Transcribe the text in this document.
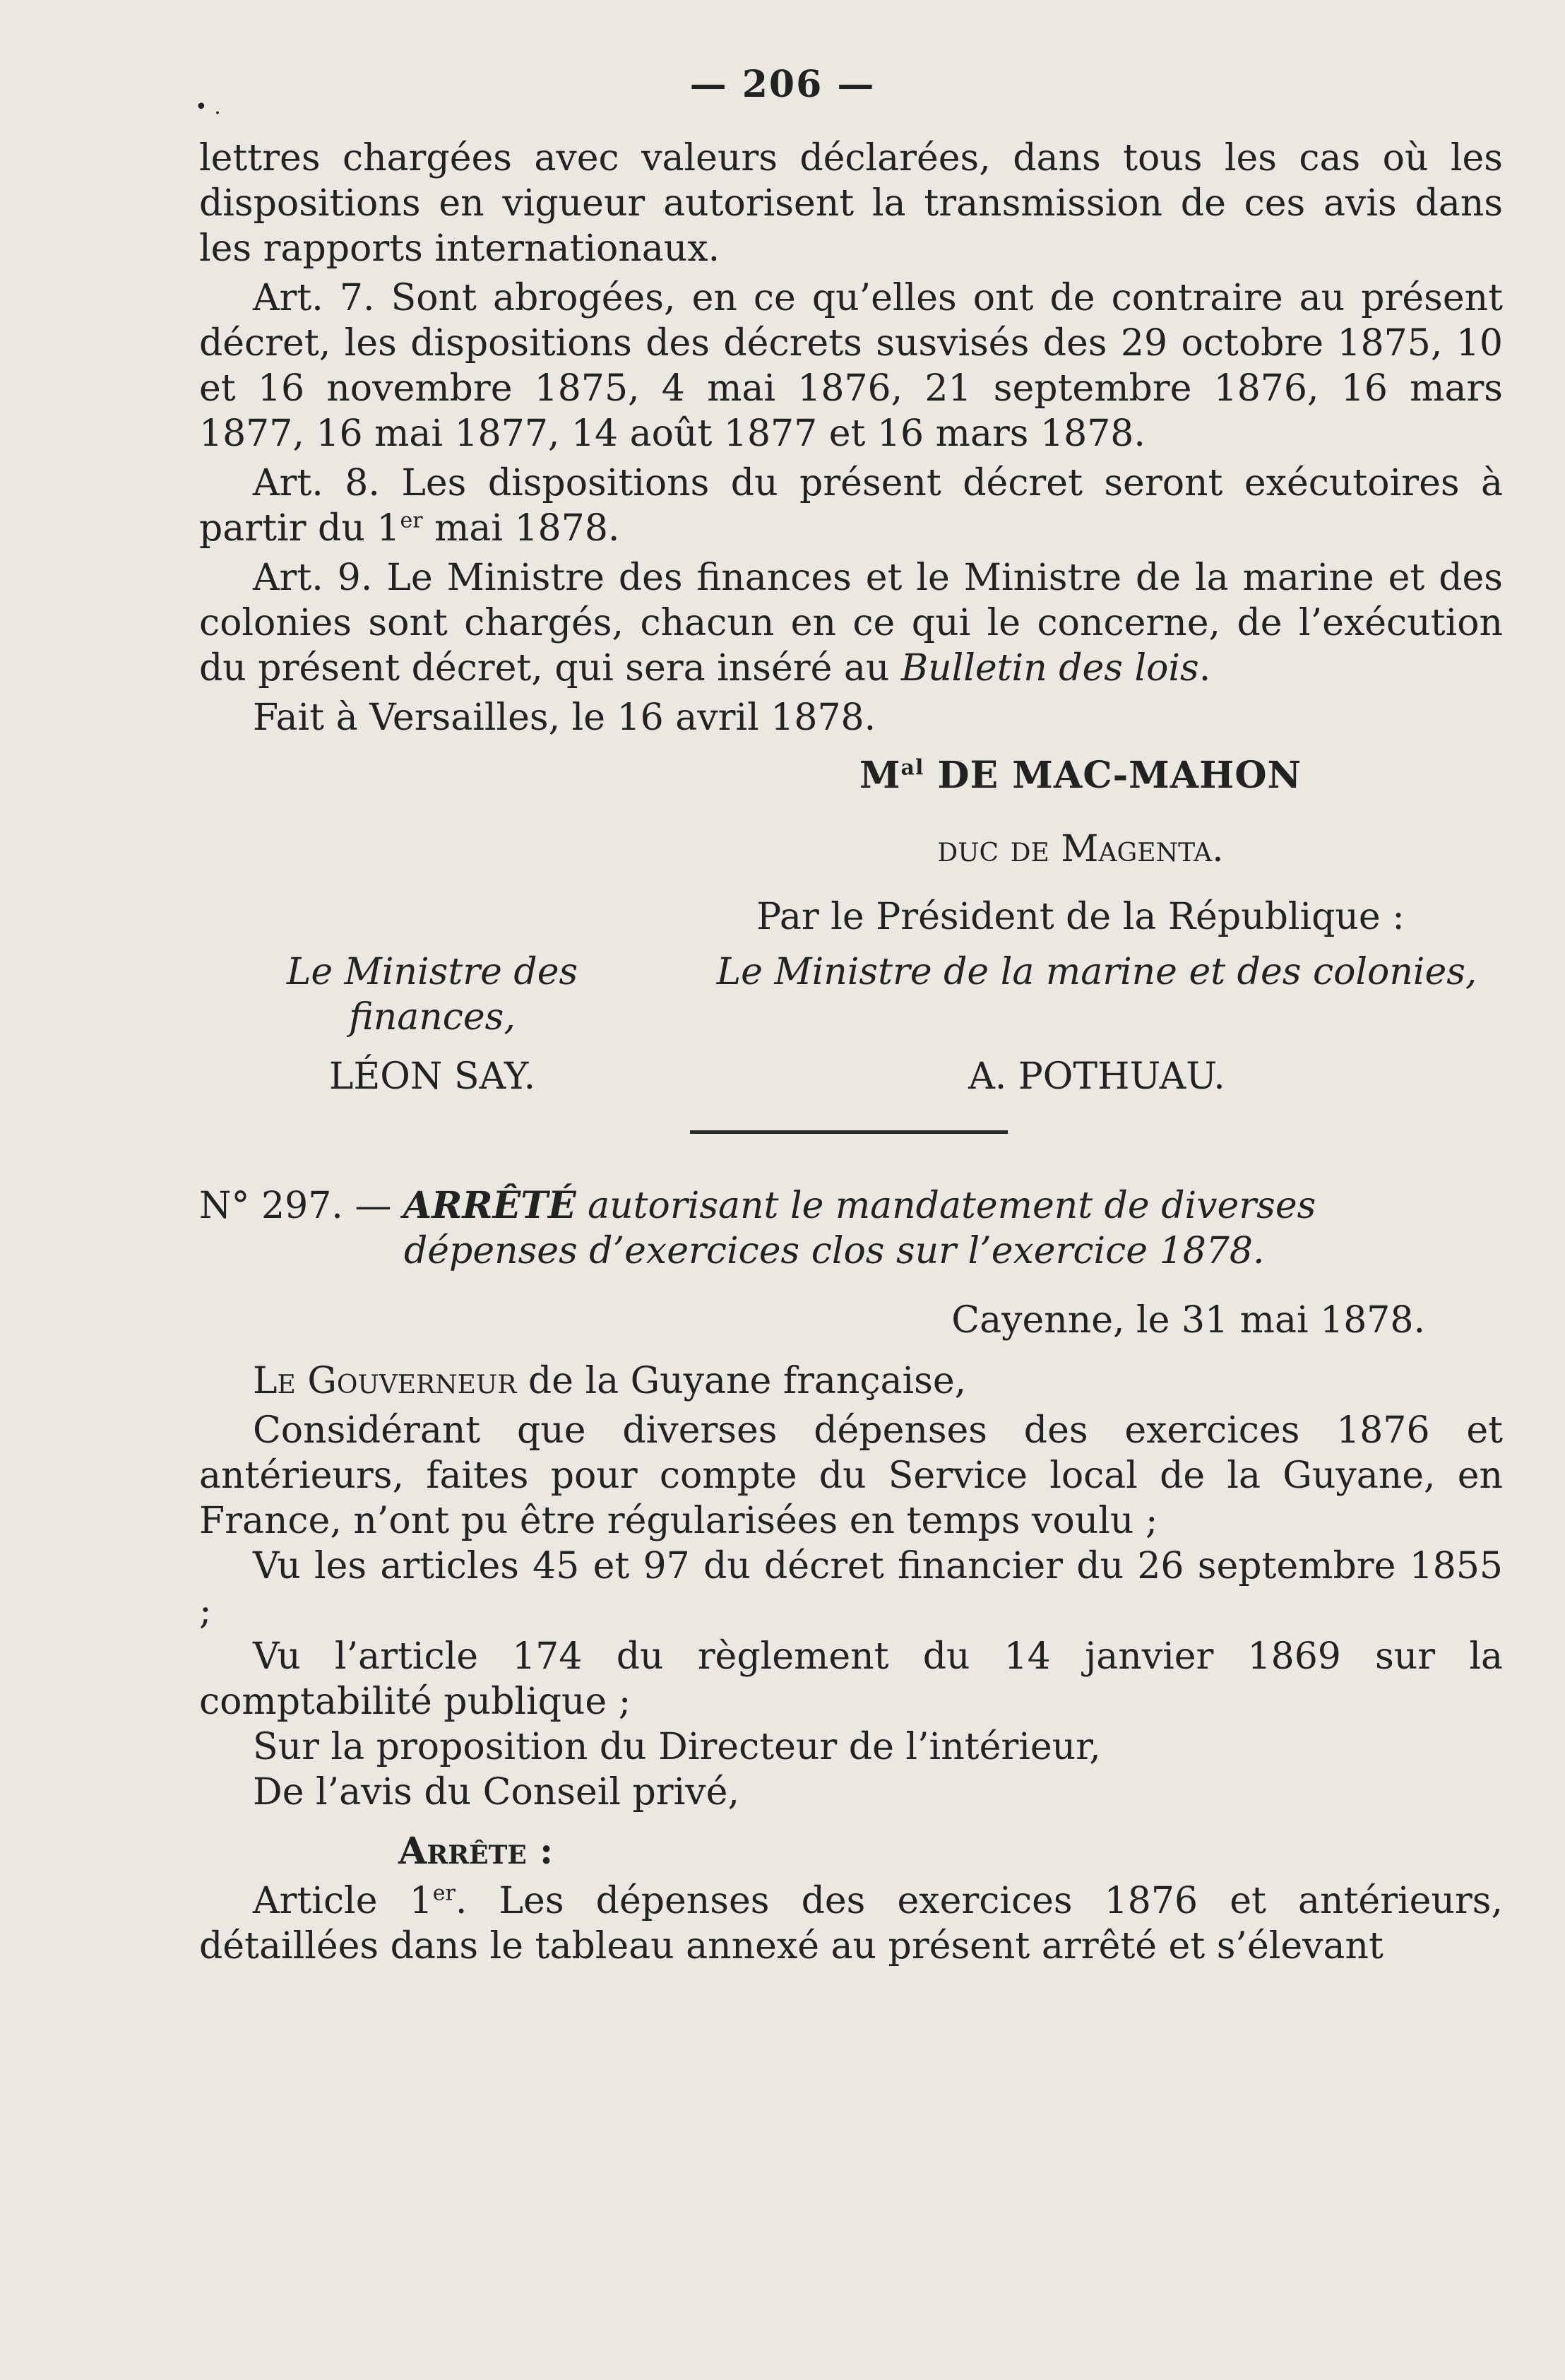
— 206 —
• .

lettres chargées avec valeurs déclarées, dans tous les cas où les dispositions en vigueur autorisent la transmission de ces avis dans les rapports internationaux.

Art. 7. Sont abrogées, en ce qu’elles ont de contraire au présent décret, les dispositions des décrets susvisés des 29 octobre 1875, 10 et 16 novembre 1875, 4 mai 1876, 21 septembre 1876, 16 mars 1877, 16 mai 1877, 14 août 1877 et 16 mars 1878.

Art. 8. Les dispositions du présent décret seront exécutoires à partir du 1er mai 1878.

Art. 9. Le Ministre des finances et le Ministre de la marine et des colonies sont chargés, chacun en ce qui le concerne, de l’exécution du présent décret, qui sera inséré au Bulletin des lois.

Fait à Versailles, le 16 avril 1878.

$M^{al}$ DE MAC-MAHON
duc de Magenta.
Par le Président de la République :
Le Ministre des finances,
Le Ministre de la marine et des colonies,
LÉON SAY.	A. POTHUAU.

N° 297. — ARRÊTÉ autorisant le mandatement de diverses

dépenses d’exercices clos sur l’exercice 1878.

Cayenne, le 31 mai 1878.

Le Gouverneur de la Guyane française,

Considérant que diverses dépenses des exercices 1876 et antérieurs, faites pour compte du Service local de la Guyane, en France, n’ont pu être régularisées en temps voulu ;

Vu les articles 45 et 97 du décret financier du 26 septembre 1855 ;

Vu l’article 174 du règlement du 14 janvier 1869 sur la comptabilité publique ;

Sur la proposition du Directeur de l’intérieur,

De l’avis du Conseil privé,

Arrête :

Article 1er. Les dépenses des exercices 1876 et antérieurs, détaillées dans le tableau annexé au présent arrêté et s’élevant
